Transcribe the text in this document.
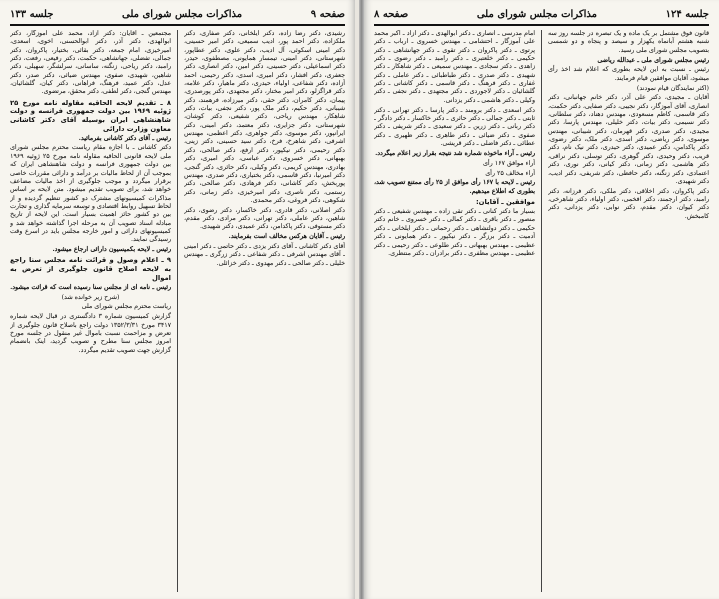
صفحه ۹
مذاکرات مجلس شورای ملی
جلسه ۱۳۳

رشیدی، دکتر رضا زاده، دکتر ایلخانی، دکتر صفاری، دکتر ملکزاده، دکتر احمد پور، ادیب سمیعی، دکتر امیر حسینی، دکتر امینی اسکوئی، آل ادیب، دکتر علوی، دکتر عطاپور، شهرستانی، دکتر امینی، تیمسار همایونی، مصطفوی، حیدر، دکتر اسماعیلی، دکتر حسینی، دکتر امین، دکتر انصاری، دکتر جعفری، دکتر افشار، دکتر امیری، اسدی، دکتر رحیمی، احمد آزاده، دکتر شفاعی، اولیاء، حیدری، دکتر ماهیار، دکتر علامه، دکتر قراگزلو، دکتر امیر مختار، دکتر مجتهدی، دکتر پورصدری، پیمان، دکتر کامران، دکتر حقی، دکتر میرزاده، فرهمند، دکتر شیبانی، دکتر حکیم، دکتر ملک پور، دکتر نجفی، بیات، دکتر شاهکار، مهندس ریاحی، دکتر شفیعی، دکتر کوشان، شهرستانی، دکتر جزایری، دکتر معتمد، دکتر امینی، دکتر ایرانپور، دکتر موسوی، دکتر جواهری، دکتر اعظمی، مهندس اشرفی، دکتر شاهرخ، فرخ، دکتر سید حسینی، دکتر زینی، دکتر رحیمی، دکتر نیکپور، دکتر ارفع، دکتر صالحی، دکتر بهبهانی، دکتر خسروی، دکتر عباسی، دکتر امیری، دکتر بهادری، مهندس کریمی، دکتر وکیلی، دکتر حائری، دکتر گنجی، دکتر امیرنیا، دکتر قاسمی، دکتر بختیاری، دکتر صدری، مهندس پوربخش، دکتر کاشانی، دکتر فرهادی، دکتر صالحی، دکتر رستمی، دکتر ناصری، دکتر امیرخیزی، دکتر زمانی، دکتر شکوهی، دکتر فروغی، دکتر محمدی.

دکتر اصلانی، دکتر قادری، دکتر خاکسار، دکتر رضوی، دکتر شاهین، دکتر عاملی، دکتر تهرانی، دکتر مرادی، دکتر مقدم، دکتر مستوفی، دکتر پاکدامن، دکتر عمیدی، دکتر شهیدی.

رئیس ـ آقایان هرکس مخالف است بفرمایند.

آقای دکتر کاشانی ـ آقای دکتر یزدی ـ دکتر حاتمی ـ دکتر امینی ـ آقای مهندس اشرفی ـ دکتر شفاعی ـ دکتر زرگری ـ مهندس خلیلی ـ دکتر صالحی ـ دکتر مهدوی ـ دکتر خزائلی.

مجتمعین ـ آقایان: دکتر آزاد، محمد علی آموزگار، دکتر ابوالهدی، دکتر آذر، دکتر ابوالحسنی، اخوی، اسعدی، امیرخیزی، امام جمعه، دکتر بقائی، بختیار، پاکروان، دکتر جمالی، تفضلی، جهانشاهی، حکمت، دکتر رفیعی، رفعت، دکتر رامبد، دکتر ریاحی، زنگنه، ساسانی، سرلشگر، سهیلی، دکتر شاهین، شهیدی، صفوی، مهندس ضیائی، دکتر صدر، دکتر عدل، دکتر عمید، فرهنگ، فراهانی، دکتر کیان، گلشائیان، مهندس گنجی، دکتر لطفی، دکتر محقق، مرتضوی.

۸ ـ تقدیم لایحه الحاقیه مقاوله نامه مورخ ۲۵ ژوئیه ۱۹۶۹ بین دولت جمهوری فرانسه و دولت شاهنشاهی ایران بوسیله آقای دکتر کاشانی معاون وزارت دارائی

رئیس ـ آقای دکتر کاشانی بفرمائید.

دکتر کاشانی ـ با اجازه مقام ریاست محترم مجلس شورای ملی لایحه قانونی الحاقیه مقاوله نامه مورخ ۲۵ ژوئیه ۱۹۶۹ بین دولت جمهوری فرانسه و دولت شاهنشاهی ایران که بموجب آن از لحاظ مالیات بر درآمد و دارائی مقررات خاصی برقرار میگردد و موجب جلوگیری از اخذ مالیات مضاعف خواهد شد، برای تصویب تقدیم میشود. متن لایحه بر اساس مذاکرات کمیسیونهای مشترک دو کشور تنظیم گردیده و از لحاظ تسهیل روابط اقتصادی و توسعه سرمایه گذاری و تجارت بین دو کشور حائز اهمیت بسیار است. این لایحه از تاریخ مبادله اسناد تصویب آن به مرحله اجرا گذاشته خواهد شد و کمیسیونهای دارائی و امور خارجه مجلس باید در اسرع وقت رسیدگی نمایند.

رئیس ـ لایحه بکمیسیون دارائی ارجاع میشود.

۹ ـ اعلام وصول و قرائت نامه مجلس سنا راجع به لایحه اصلاح قانون جلوگیری از تعرض به اموال

رئیس ـ نامه ای از مجلس سنا رسیده است که قرائت میشود.

(شرح زیر خوانده شد)

ریاست محترم مجلس شورای ملی

گزارش کمیسیون شماره ۳ دادگستری در قبال لایحه شماره ۳۴۱۷ مورخ ۱۳۵۲/۳/۳۱ دولت راجع باصلاح قانون جلوگیری از تعرض و مزاحمت نسبت باموال غیر منقول در جلسه مورخ امروز مجلس سنا مطرح و تصویب گردید، اینک بانضمام گزارش جهت تصویب تقدیم میگردد.

جلسه ۱۲۴
مذاکرات مجلس شورای ملی
صفحه ۸

قانون فوق مشتمل بر یک ماده و یک تبصره در جلسه روز سه شنبه هشتم آبانماه یکهزار و سیصد و پنجاه و دو شمسی بتصویب مجلس شورای ملی رسید.

رئیس مجلس شورای ملی ـ عبدالله ریاضی

رئیس ـ نسبت به این لایحه بطوری که اعلام شد اخذ رأی میشود، آقایان موافقین قیام فرمایند.

(اکثر نمایندگان قیام نمودند)

آقایان ـ مجیدی، دکتر علی آذر، دکتر خانم جهانبانی، دکتر انصاری، آقای آموزگار، دکتر نجیبی، دکتر صفایی، دکتر حکمت، دکتر قاسمی، کاظم مسعودی، مهندس دهناد، دکتر سلطانی، دکتر نسیمی، دکتر بیات، دکتر خلیلی، مهندس پارسا، دکتر مجیدی، دکتر صدری، دکتر قهرمان، دکتر شیبانی، مهندس موسوی، دکتر ریاضی، دکتر اسدی، دکتر ملک، دکتر رضوی، دکتر پاکدامن، دکتر عمیدی، دکتر حیدری، دکتر نیک نام، دکتر قریب، دکتر وحیدی، دکتر گوهری، دکتر توسلی، دکتر نراقی، دکتر هاشمی، دکتر زمانی، دکتر کیانی، دکتر نوری، دکتر اعتمادی، دکتر زنگنه، دکتر حافظی، دکتر شریفی، دکتر ادیب، دکتر شهیدی.

دکتر پاکروان، دکتر اخلاقی، دکتر ملکی، دکتر فرزانه، دکتر رامبد، دکتر ارجمند، دکتر افخمی، دکتر اولیاء، دکتر شاهرخی، دکتر کیوان، دکتر مقدم، دکتر نوابی، دکتر یزدانی، دکتر کامبخش.

امام مدرسی ـ انصاری ـ دکتر ابوالهدی ـ دکتر آزاد ـ اکبر محمد علی آموزگار ـ احتشامی ـ مهندس خسروی ـ ارباب ـ دکتر پرتوی ـ دکتر پاکروان ـ دکتر تقوی ـ دکتر جهانشاهی ـ دکتر حکیمی ـ دکتر خلعتبری ـ دکتر رامبد ـ دکتر رضوی ـ دکتر زاهدی ـ دکتر سجادی ـ مهندس سمیعی ـ دکتر شاهکار ـ دکتر شهیدی ـ دکتر صدری ـ دکتر طباطبائی ـ دکتر عاملی ـ دکتر غفاری ـ دکتر فرهنگ ـ دکتر قاسمی ـ دکتر کاشانی ـ دکتر گلشائیان ـ دکتر لاجوردی ـ دکتر مجتهدی ـ دکتر نجفی ـ دکتر وکیلی ـ دکتر هاشمی ـ دکتر یزدانی.

دکتر اسعدی ـ دکتر برومند ـ دکتر پارسا ـ دکتر تهرانی ـ دکتر ثابتی ـ دکتر جمالی ـ دکتر حائری ـ دکتر خاکسار ـ دکتر دادگر ـ دکتر ربانی ـ دکتر زرین ـ دکتر سعیدی ـ دکتر شریفی ـ دکتر صفوی ـ دکتر ضیائی ـ دکتر طاهری ـ دکتر ظهیری ـ دکتر عطائی ـ دکتر فاضلی ـ دکتر قریشی.

رئیس ـ آراء ماخوذه شماره شد نتیجه بقرار زیر اعلام میگردد.

آراء موافق ۱۶۷ رأی

آراء مخالف ۲۵ رأی

رئیس ـ لایحه با ۱۶۷ رأی موافق از ۲۵ رأی ممتنع تصویب شد، بطوری که اطلاع میدهیم.

موافقین ـ آقایان:

بسیار ما دکتر کنانی ـ دکتر تقی زاده ـ مهندس شفیعی ـ دکتر منصور ـ دکتر باقری ـ دکتر کمالی ـ دکتر خسروی ـ خانم دکتر حکیمی ـ دکتر دولتشاهی ـ دکتر رحمانی ـ دکتر ایلخانی ـ دکتر آدمیت ـ دکتر برزگر ـ دکتر نیکپور ـ دکتر همایونی ـ دکتر عظیمی ـ مهندس بهبهانی ـ دکتر طلوعی ـ دکتر رحیمی ـ دکتر عظیمی ـ مهندس مظفری ـ دکتر برادران ـ دکتر منتظری.
